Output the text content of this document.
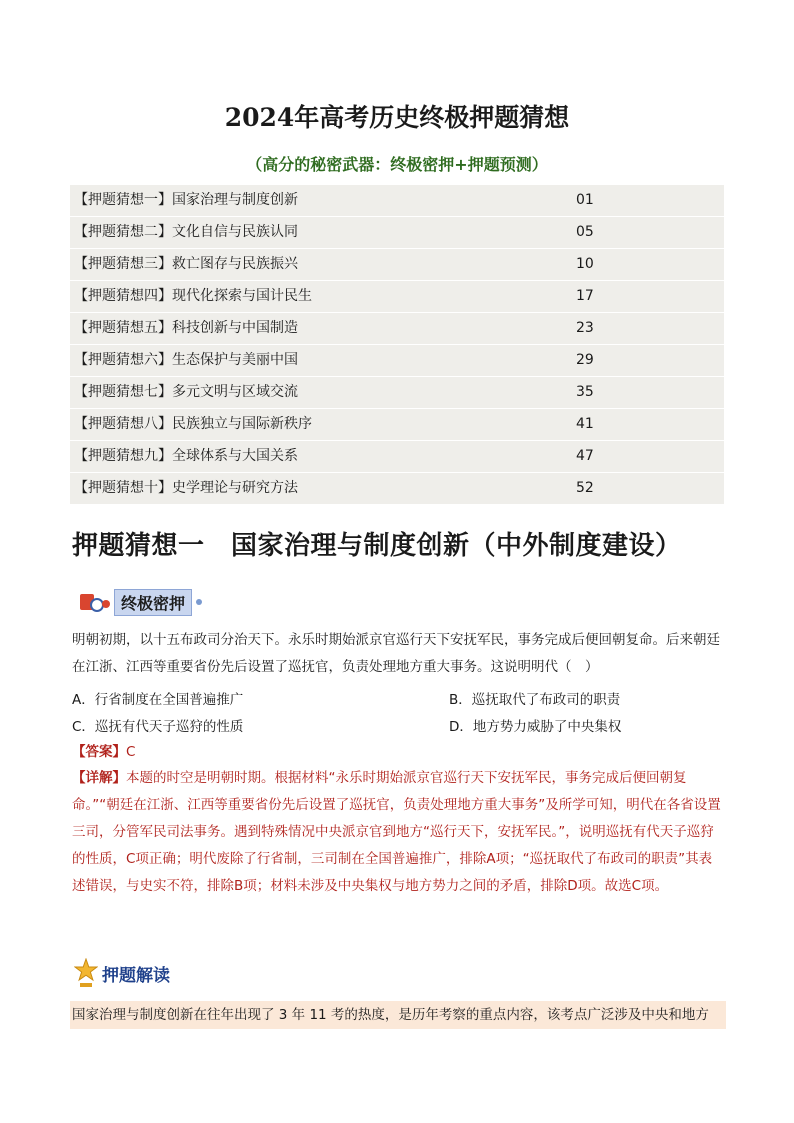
2024年高考历史终极押题猜想
（高分的秘密武器：终极密押+押题预测）
【押题猜想一】国家治理与制度创新	01
【押题猜想二】文化自信与民族认同	05
【押题猜想三】救亡图存与民族振兴	10
【押题猜想四】现代化探索与国计民生	17
【押题猜想五】科技创新与中国制造	23
【押题猜想六】生态保护与美丽中国	29
【押题猜想七】多元文明与区域交流	35
【押题猜想八】民族独立与国际新秩序	41
【押题猜想九】全球体系与大国关系	47
【押题猜想十】史学理论与研究方法	52
押题猜想一　国家治理与制度创新（中外制度建设）
终极密押
明朝初期，以十五布政司分治天下。永乐时期始派京官巡行天下安抚军民，事务完成后便回朝复命。后来朝廷在江浙、江西等重要省份先后设置了巡抚官，负责处理地方重大事务。这说明明代（　）
A．行省制度在全国普遍推广	B．巡抚取代了布政司的职责
C．巡抚有代天子巡狩的性质	D．地方势力威胁了中央集权
【答案】C
【详解】本题的时空是明朝时期。根据材料“永乐时期始派京官巡行天下安抚军民，事务完成后便回朝复命。”“朝廷在江浙、江西等重要省份先后设置了巡抚官，负责处理地方重大事务”及所学可知，明代在各省设置三司，分管军民司法事务。遇到特殊情况中央派京官到地方“巡行天下，安抚军民。”，说明巡抚有代天子巡狩的性质，C项正确；明代废除了行省制，三司制在全国普遍推广，排除A项；“巡抚取代了布政司的职责”其表述错误，与史实不符，排除B项；材料未涉及中央集权与地方势力之间的矛盾，排除D项。故选C项。
押题解读
国家治理与制度创新在往年出现了 3 年 11 考的热度，是历年考察的重点内容，该考点广泛涉及中央和地方
